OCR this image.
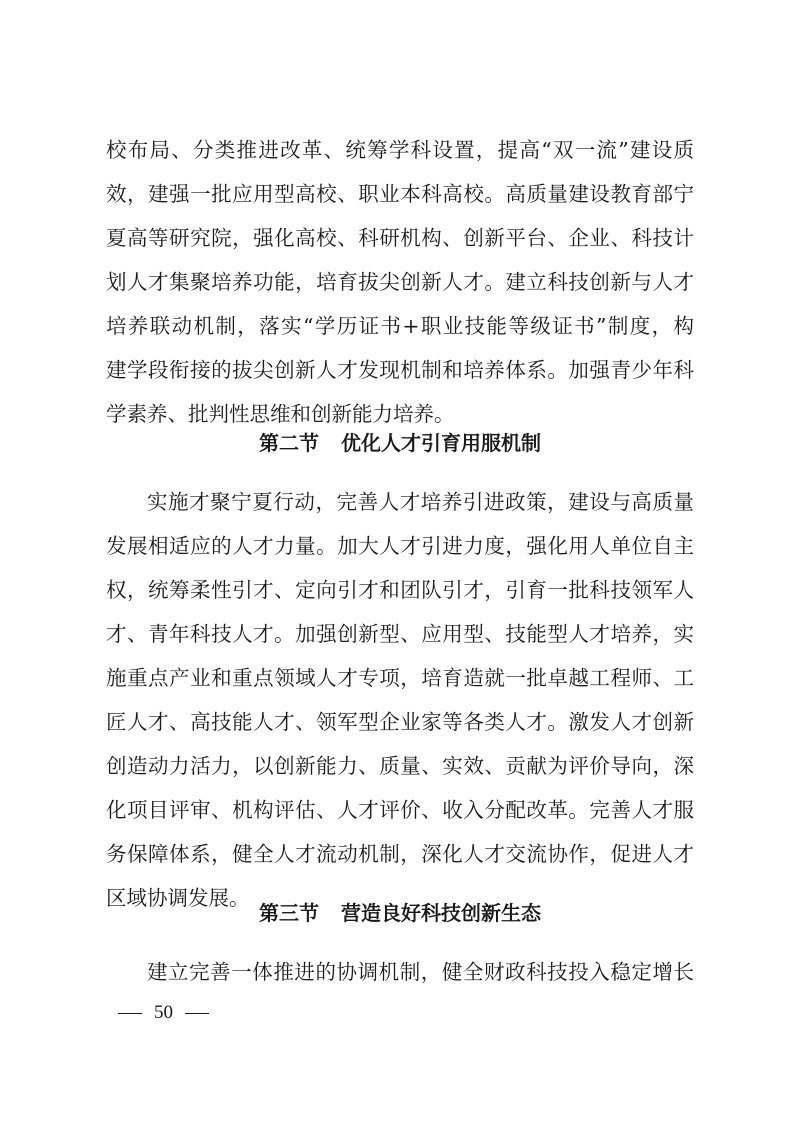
校布局、分类推进改革、统筹学科设置，提高“双一流”建设质
效，建强一批应用型高校、职业本科高校。高质量建设教育部宁
夏高等研究院，强化高校、科研机构、创新平台、企业、科技计
划人才集聚培养功能，培育拔尖创新人才。建立科技创新与人才
培养联动机制，落实“学历证书+职业技能等级证书”制度，构
建学段衔接的拔尖创新人才发现机制和培养体系。加强青少年科
学素养、批判性思维和创新能力培养。
第二节 优化人才引育用服机制
实施才聚宁夏行动，完善人才培养引进政策，建设与高质量
发展相适应的人才力量。加大人才引进力度，强化用人单位自主
权，统筹柔性引才、定向引才和团队引才，引育一批科技领军人
才、青年科技人才。加强创新型、应用型、技能型人才培养，实
施重点产业和重点领域人才专项，培育造就一批卓越工程师、工
匠人才、高技能人才、领军型企业家等各类人才。激发人才创新
创造动力活力，以创新能力、质量、实效、贡献为评价导向，深
化项目评审、机构评估、人才评价、收入分配改革。完善人才服
务保障体系，健全人才流动机制，深化人才交流协作，促进人才
区域协调发展。
第三节 营造良好科技创新生态
建立完善一体推进的协调机制，健全财政科技投入稳定增长
50
